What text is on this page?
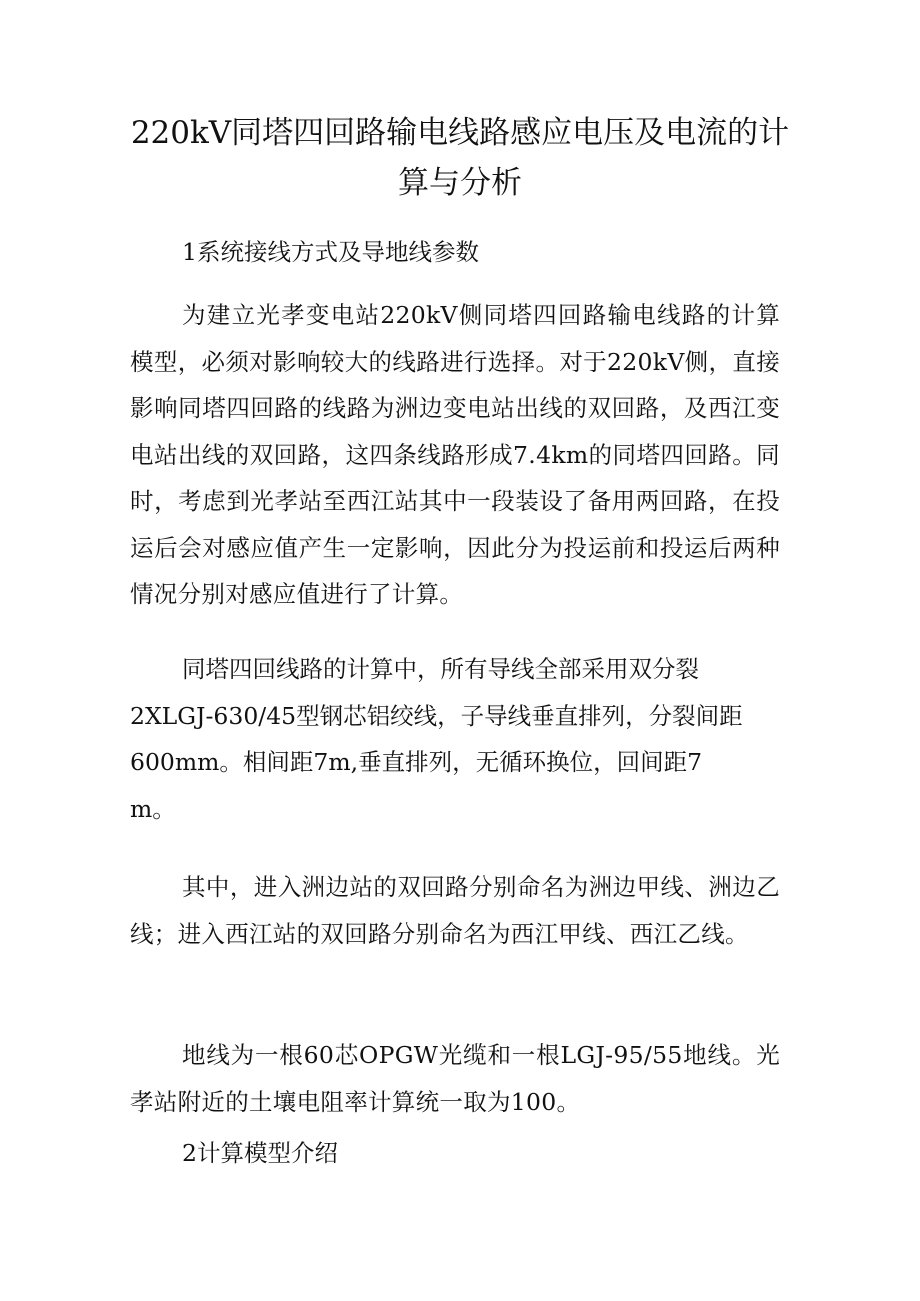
220kV同塔四回路输电线路感应电压及电流的计算与分析
1系统接线方式及导地线参数
为建立光孝变电站220kV侧同塔四回路输电线路的计算模型，必须对影响较大的线路进行选择。对于220kV侧，直接影响同塔四回路的线路为洲边变电站出线的双回路，及西江变电站出线的双回路，这四条线路形成7.4km的同塔四回路。同时，考虑到光孝站至西江站其中一段装设了备用两回路，在投运后会对感应值产生一定影响，因此分为投运前和投运后两种情况分别对感应值进行了计算。
同塔四回线路的计算中，所有导线全部采用双分裂
2XLGJ-630/45型钢芯铝绞线，子导线垂直排列，分裂间距
600mm。相间距7m,垂直排列，无循环换位，回间距7
m。
其中，进入洲边站的双回路分别命名为洲边甲线、洲边乙线；进入西江站的双回路分别命名为西江甲线、西江乙线。
地线为一根60芯OPGW光缆和一根LGJ-95/55地线。光孝站附近的土壤电阻率计算统一取为100。
2计算模型介绍
